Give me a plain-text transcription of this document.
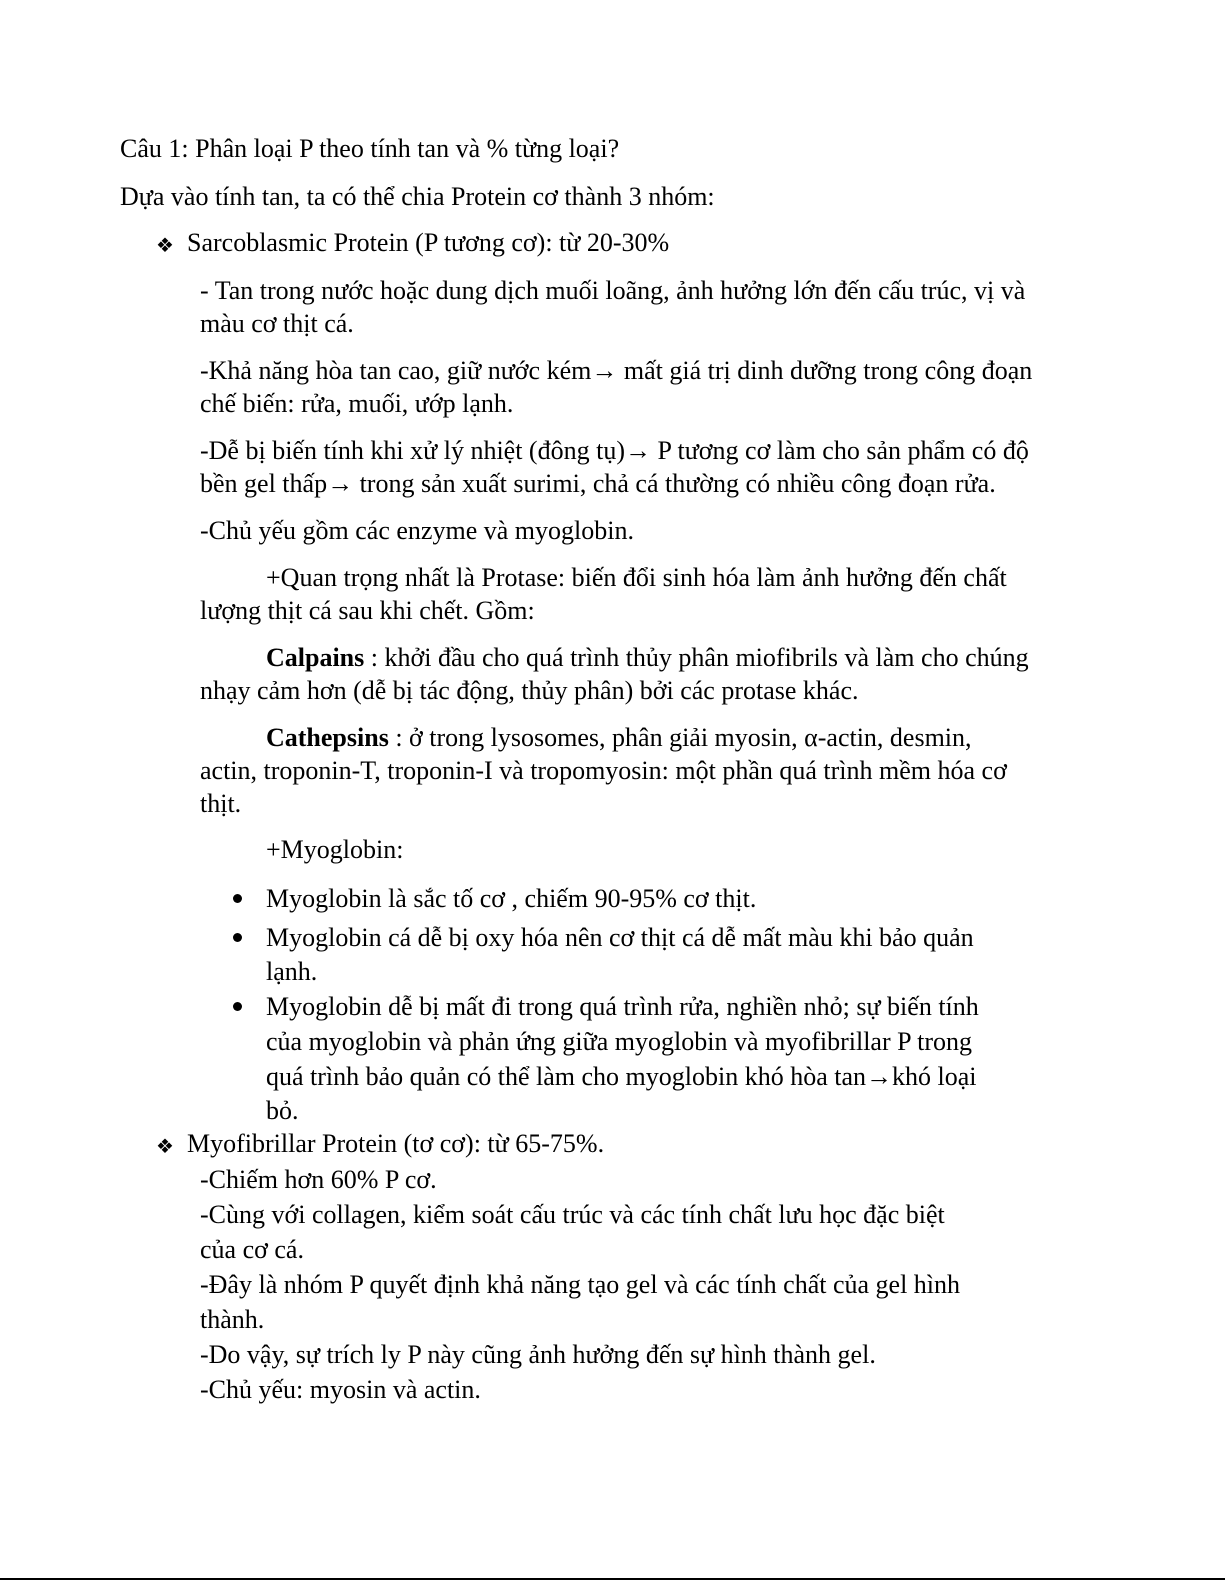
Câu 1: Phân loại P theo tính tan và % từng loại?

Dựa vào tính tan, ta có thể chia Protein cơ thành 3 nhóm:

❖ Sarcoblasmic Protein (P tương cơ): từ 20-30%

- Tan trong nước hoặc dung dịch muối loãng, ảnh hưởng lớn đến cấu trúc, vị và

màu cơ thịt cá.

-Khả năng hòa tan cao, giữ nước kém→ mất giá trị dinh dưỡng trong công đoạn

chế biến: rửa, muối, ướp lạnh.

-Dễ bị biến tính khi xử lý nhiệt (đông tụ)→ P tương cơ làm cho sản phẩm có độ

bền gel thấp→ trong sản xuất surimi, chả cá thường có nhiều công đoạn rửa.

-Chủ yếu gồm các enzyme và myoglobin.

+Quan trọng nhất là Protase: biến đổi sinh hóa làm ảnh hưởng đến chất

lượng thịt cá sau khi chết. Gồm:

Calpains : khởi đầu cho quá trình thủy phân miofibrils và làm cho chúng

nhạy cảm hơn (dễ bị tác động, thủy phân) bởi các protase khác.

Cathepsins : ở trong lysosomes, phân giải myosin, α-actin, desmin,

actin, troponin-T, troponin-I và tropomyosin: một phần quá trình mềm hóa cơ

thịt.

+Myoglobin:

Myoglobin là sắc tố cơ , chiếm 90-95% cơ thịt.

Myoglobin cá dễ bị oxy hóa nên cơ thịt cá dễ mất màu khi bảo quản

lạnh.

Myoglobin dễ bị mất đi trong quá trình rửa, nghiền nhỏ; sự biến tính

của myoglobin và phản ứng giữa myoglobin và myofibrillar P trong

quá trình bảo quản có thể làm cho myoglobin khó hòa tan→khó loại

bỏ.

❖ Myofibrillar Protein (tơ cơ): từ 65-75%.

-Chiếm hơn 60% P cơ.

-Cùng với collagen, kiểm soát cấu trúc và các tính chất lưu học đặc biệt

của cơ cá.

-Đây là nhóm P quyết định khả năng tạo gel và các tính chất của gel hình

thành.

-Do vậy, sự trích ly P này cũng ảnh hưởng đến sự hình thành gel.

-Chủ yếu: myosin và actin.
